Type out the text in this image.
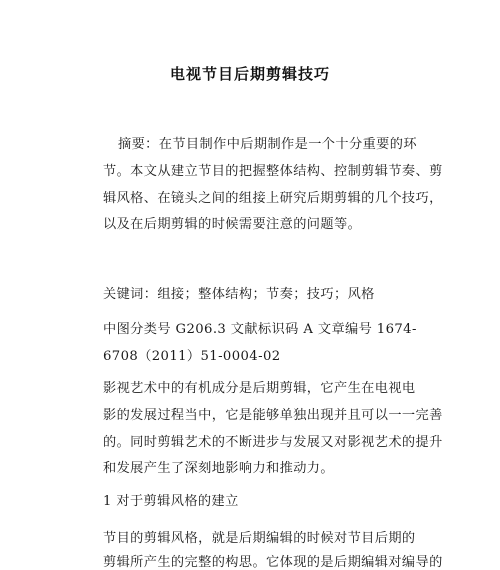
电视节目后期剪辑技巧
摘要：在节目制作中后期制作是一个十分重要的环
节。本文从建立节目的把握整体结构、控制剪辑节奏、剪
辑风格、在镜头之间的组接上研究后期剪辑的几个技巧，
以及在后期剪辑的时候需要注意的问题等。
关键词：组接；整体结构；节奏；技巧；风格
中图分类号 G206.3 文献标识码 A 文章编号 1674-
6708（2011）51-0004-02
影视艺术中的有机成分是后期剪辑，它产生在电视电
影的发展过程当中，它是能够单独出现并且可以一一完善
的。同时剪辑艺术的不断进步与发展又对影视艺术的提升
和发展产生了深刻地影响力和推动力。
1 对于剪辑风格的建立
节目的剪辑风格，就是后期编辑的时候对节目后期的
剪辑所产生的完整的构思。它体现的是后期编辑对编导的
